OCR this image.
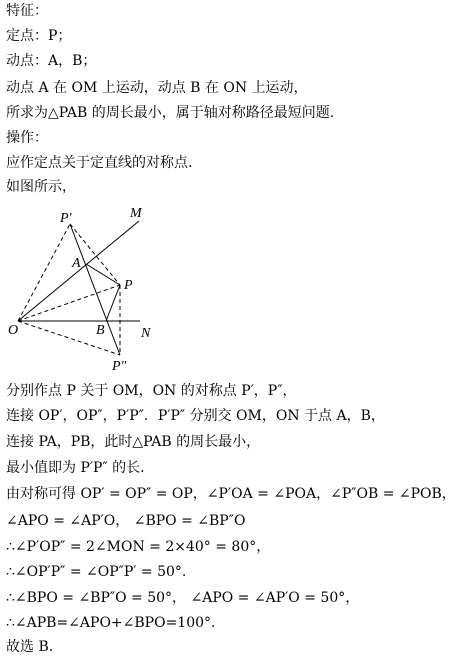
特征：
定点：P；
动点：A，B；
动点 A 在 OM 上运动，动点 B 在 ON 上运动，
所求为△PAB 的周长最小，属于轴对称路径最短问题.
操作：
应作定点关于定直线的对称点.
如图所示，
P′	M
A
P
O	B	N
P″
分别作点 P 关于 OM，ON 的对称点 P′，P″，
连接 OP′，OP″，P′P″．P′P″ 分别交 OM，ON 于点 A，B，
连接 PA，PB，此时△PAB 的周长最小，
最小值即为 P′P″ 的长.
由对称可得 OP′ = OP″ = OP，∠P′OA = ∠POA，∠P″OB = ∠POB，
∠APO = ∠AP′O， ∠BPO = ∠BP″O
∴∠P′OP″ = 2∠MON = 2×40° = 80°，
∴∠OP′P″ = ∠OP″P′ = 50°.
∴∠BPO = ∠BP″O = 50°， ∠APO = ∠AP′O = 50°，
∴∠APB=∠APO+∠BPO=100°.
故选 B.
